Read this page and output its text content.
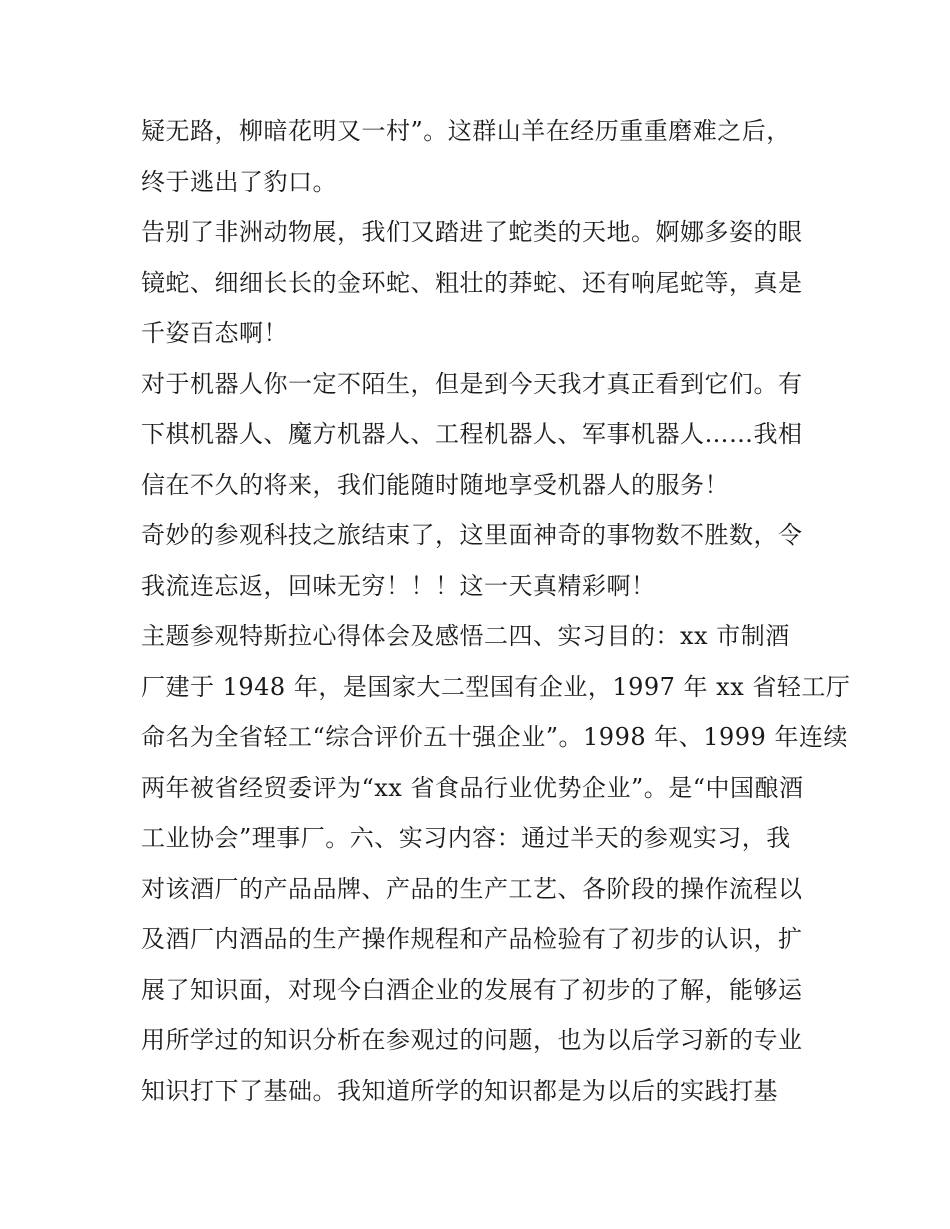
疑无路，柳暗花明又一村”。这群山羊在经历重重磨难之后，
终于逃出了豹口。
告别了非洲动物展，我们又踏进了蛇类的天地。婀娜多姿的眼
镜蛇、细细长长的金环蛇、粗壮的莽蛇、还有响尾蛇等，真是
千姿百态啊！
对于机器人你一定不陌生，但是到今天我才真正看到它们。有
下棋机器人、魔方机器人、工程机器人、军事机器人……我相
信在不久的将来，我们能随时随地享受机器人的服务！
奇妙的参观科技之旅结束了，这里面神奇的事物数不胜数，令
我流连忘返，回味无穷！！！这一天真精彩啊！
主题参观特斯拉心得体会及感悟二四、实习目的：xx 市制酒
厂建于 1948 年，是国家大二型国有企业，1997 年 xx 省轻工厅
命名为全省轻工“综合评价五十强企业”。1998 年、1999 年连续
两年被省经贸委评为“xx 省食品行业优势企业”。是“中国酿酒
工业协会”理事厂。六、实习内容：通过半天的参观实习，我
对该酒厂的产品品牌、产品的生产工艺、各阶段的操作流程以
及酒厂内酒品的生产操作规程和产品检验有了初步的认识，扩
展了知识面，对现今白酒企业的发展有了初步的了解，能够运
用所学过的知识分析在参观过的问题，也为以后学习新的专业
知识打下了基础。我知道所学的知识都是为以后的实践打基
